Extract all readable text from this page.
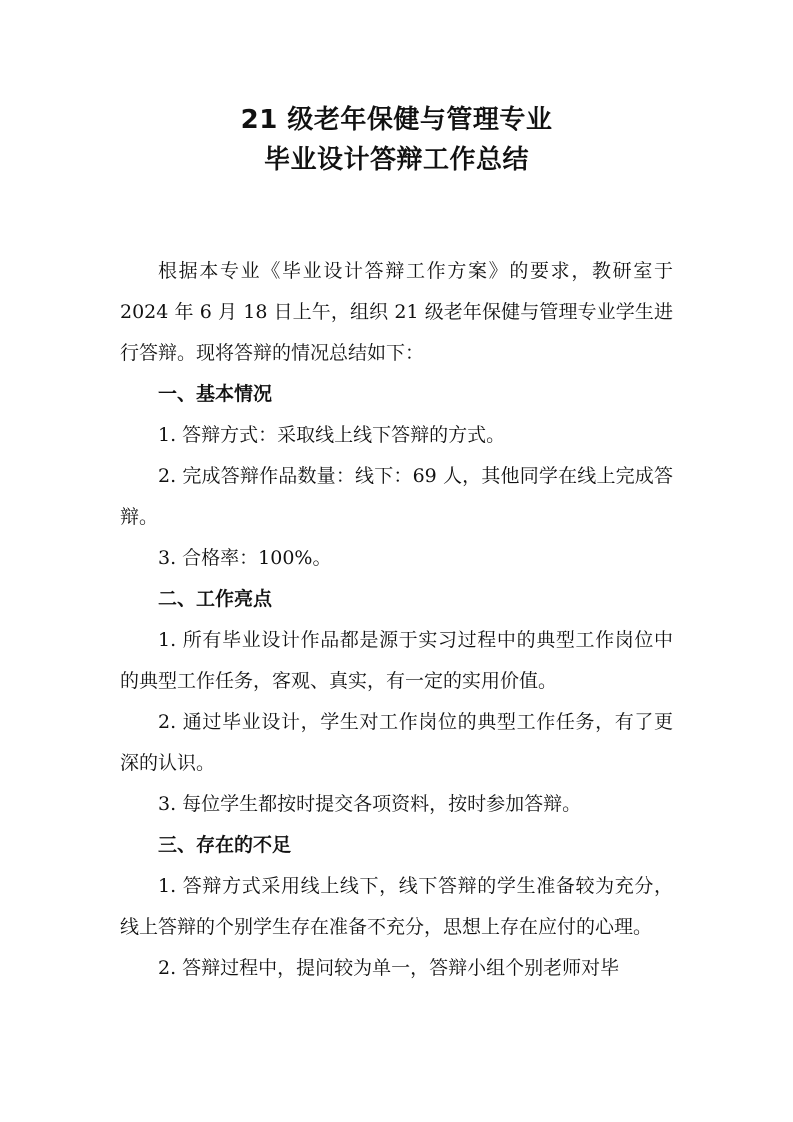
21 级老年保健与管理专业
毕业设计答辩工作总结

根据本专业《毕业设计答辩工作方案》的要求，教研室于 2024 年 6 月 18 日上午，组织 21 级老年保健与管理专业学生进行答辩。现将答辩的情况总结如下：

一、基本情况

1. 答辩方式：采取线上线下答辩的方式。

2. 完成答辩作品数量：线下：69 人，其他同学在线上完成答辩。

3. 合格率：100%。

二、工作亮点

1. 所有毕业设计作品都是源于实习过程中的典型工作岗位中的典型工作任务，客观、真实，有一定的实用价值。

2. 通过毕业设计，学生对工作岗位的典型工作任务，有了更深的认识。

3. 每位学生都按时提交各项资料，按时参加答辩。

三、存在的不足

1. 答辩方式采用线上线下，线下答辩的学生准备较为充分，线上答辩的个别学生存在准备不充分，思想上存在应付的心理。

2. 答辩过程中，提问较为单一，答辩小组个别老师对毕
